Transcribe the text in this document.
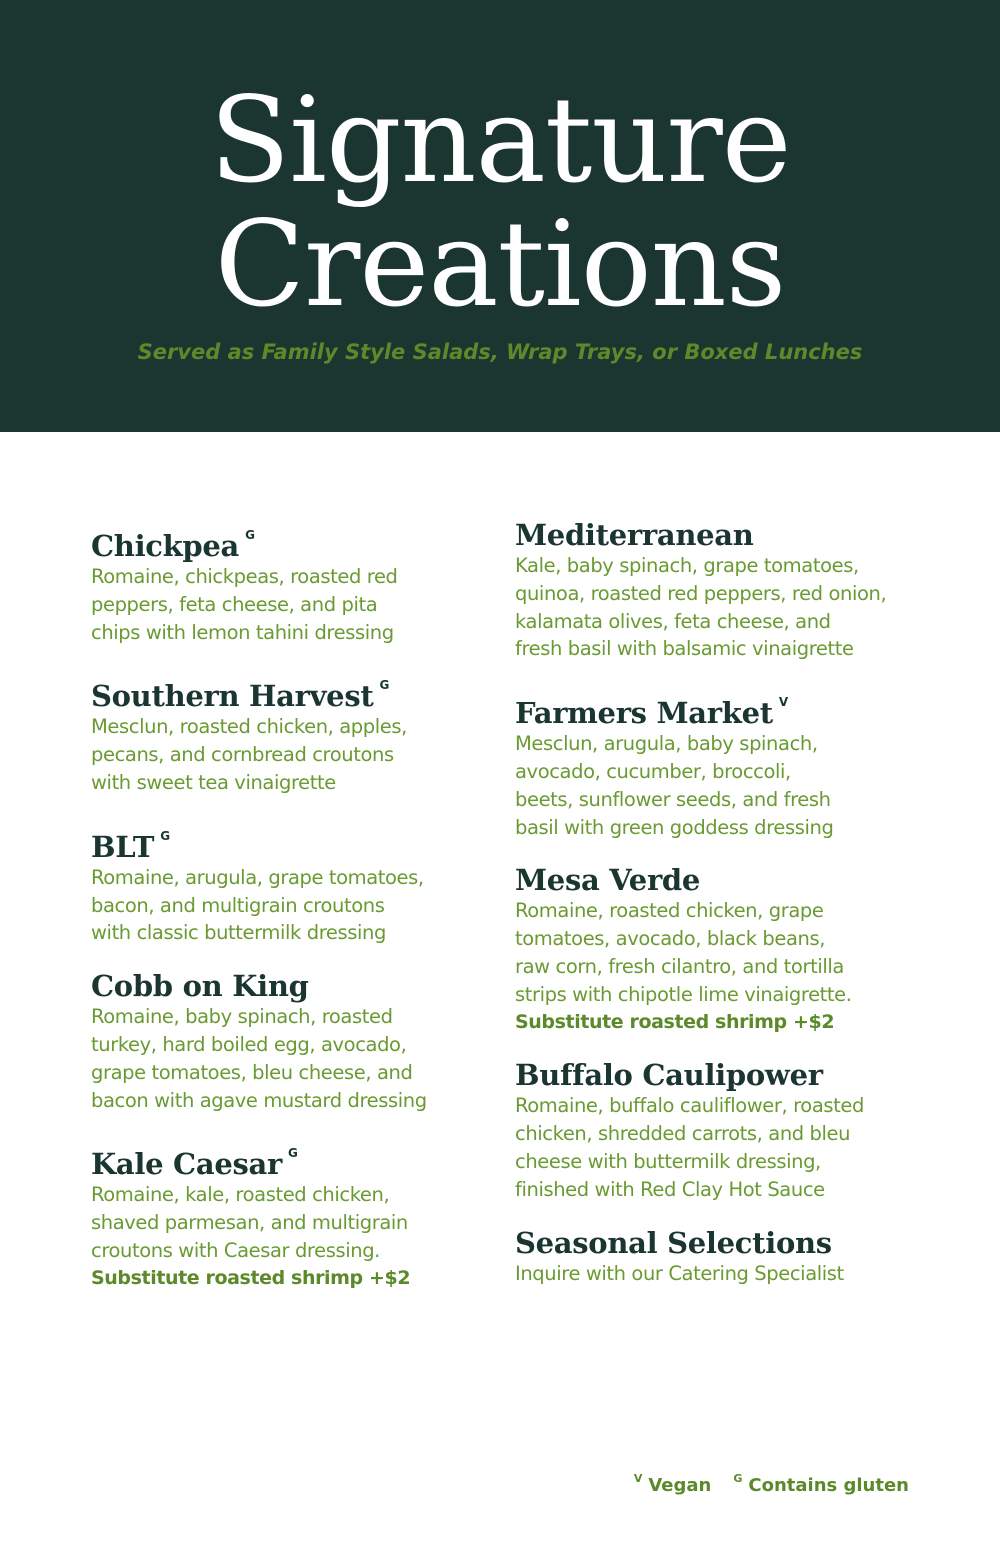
Signature
Creations
Served as Family Style Salads, Wrap Trays, or Boxed Lunches
Chickpea $^G$
Romaine, chickpeas, roasted red
peppers, feta cheese, and pita
chips with lemon tahini dressing
Southern Harvest $^G$
Mesclun, roasted chicken, apples,
pecans, and cornbread croutons
with sweet tea vinaigrette
BLT $^G$
Romaine, arugula, grape tomatoes,
bacon, and multigrain croutons
with classic buttermilk dressing
Cobb on King
Romaine, baby spinach, roasted
turkey, hard boiled egg, avocado,
grape tomatoes, bleu cheese, and
bacon with agave mustard dressing
Kale Caesar $^G$
Romaine, kale, roasted chicken,
shaved parmesan, and multigrain
croutons with Caesar dressing.
Substitute roasted shrimp +$2
Mediterranean
Kale, baby spinach, grape tomatoes,
quinoa, roasted red peppers, red onion,
kalamata olives, feta cheese, and
fresh basil with balsamic vinaigrette
Farmers Market $^V$
Mesclun, arugula, baby spinach,
avocado, cucumber, broccoli,
beets, sunflower seeds, and fresh
basil with green goddess dressing
Mesa Verde
Romaine, roasted chicken, grape
tomatoes, avocado, black beans,
raw corn, fresh cilantro, and tortilla
strips with chipotle lime vinaigrette.
Substitute roasted shrimp +$2
Buffalo Caulipower
Romaine, buffalo cauliflower, roasted
chicken, shredded carrots, and bleu
cheese with buttermilk dressing,
finished with Red Clay Hot Sauce
Seasonal Selections
Inquire with our Catering Specialist
$^V$ Vegan $^G$ Contains gluten
